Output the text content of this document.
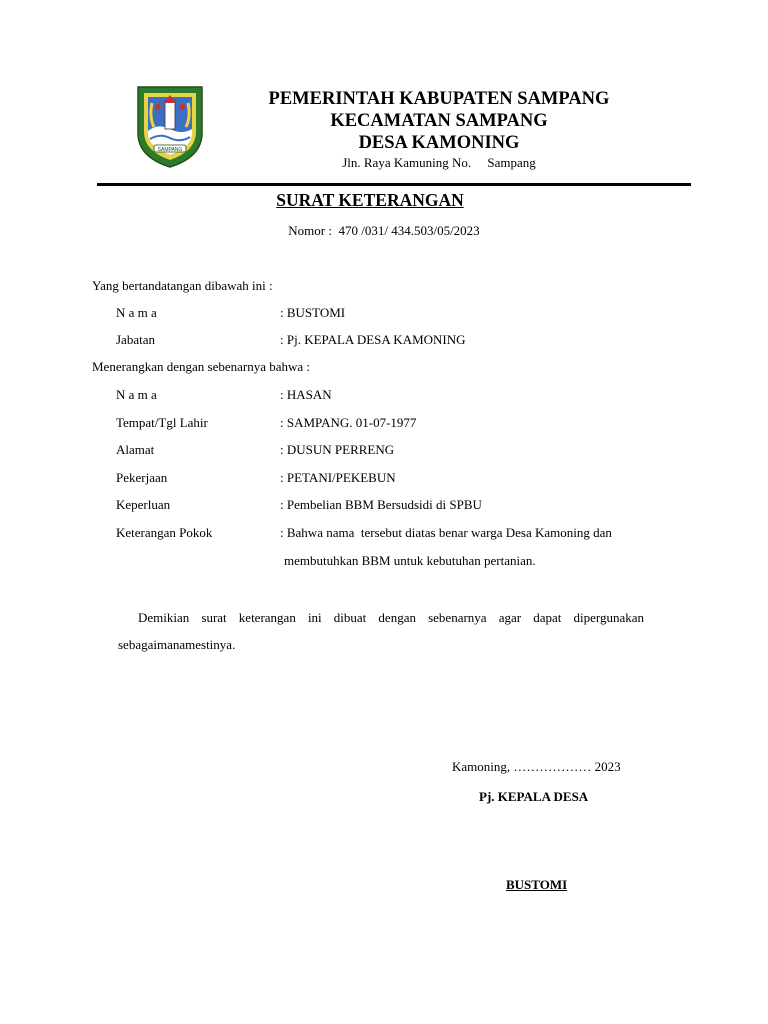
SAMPANG
PEMERINTAH KABUPATEN SAMPANG
KECAMATAN SAMPANG
DESA KAMONING
Jln. Raya Kamuning No.     Sampang
SURAT KETERANGAN
Nomor :  470 /031/ 434.503/05/2023
Yang bertandatangan dibawah ini :
N a m a	: BUSTOMI
Jabatan	: Pj. KEPALA DESA KAMONING
Menerangkan dengan sebenarnya bahwa :
N a m a	: HASAN
Tempat/Tgl Lahir	: SAMPANG. 01-07-1977
Alamat	: DUSUN PERRENG
Pekerjaan	: PETANI/PEKEBUN
Keperluan	: Pembelian BBM Bersudsidi di SPBU
Keterangan Pokok	: Bahwa nama  tersebut diatas benar warga Desa Kamoning dan
membutuhkan BBM untuk kebutuhan pertanian.
Demikian surat keterangan ini dibuat dengan sebenarnya agar dapat dipergunakan sebagaimanamestinya.
Kamoning, ……………… 2023
Pj. KEPALA DESA
BUSTOMI
